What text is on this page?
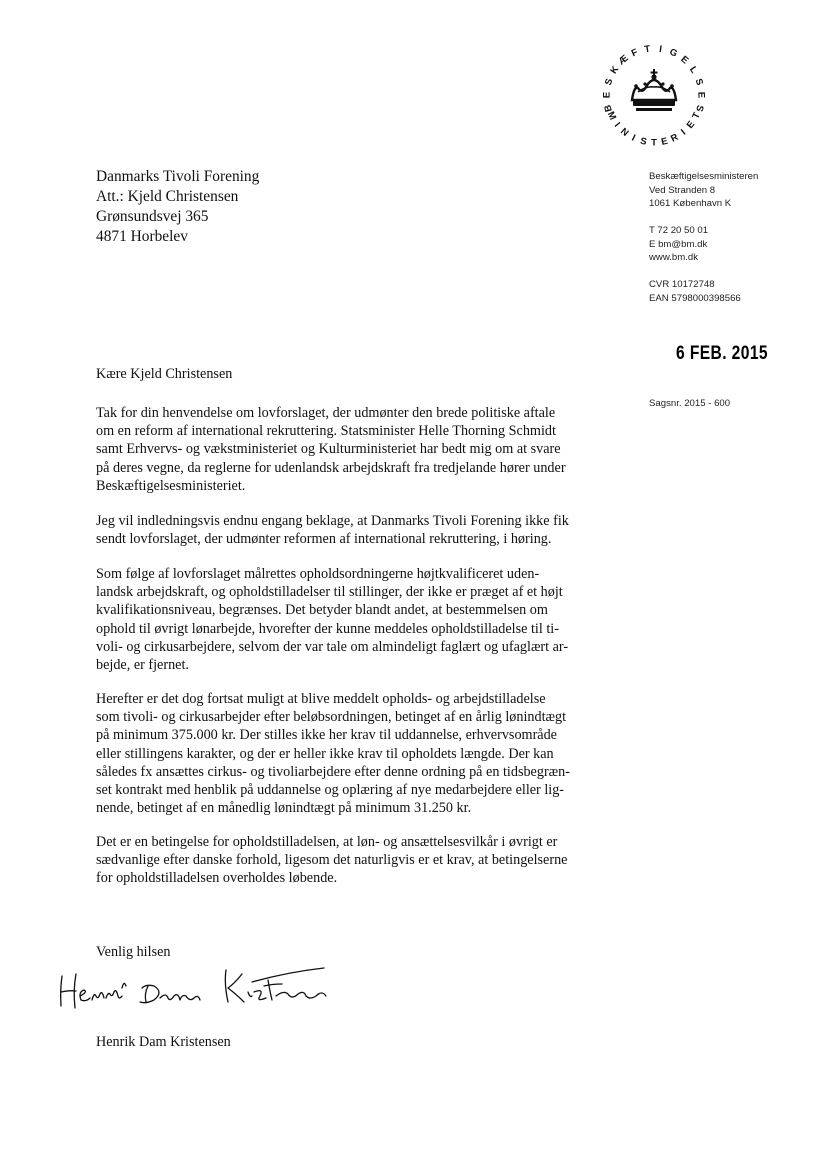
B
E
S
K
Æ F T I G
E
L
S
E
S
M
I
N I S T E R
I
E
T
Danmarks Tivoli Forening
Att.: Kjeld Christensen
Grønsundsvej 365
4871 Horbelev
Beskæftigelsesministeren
Ved Stranden 8
1061 København K
T 72 20 50 01
E bm@bm.dk
www.bm.dk
CVR 10172748
EAN 5798000398566
6 FEB. 2015
Sagsnr. 2015 - 600
Kære Kjeld Christensen
Tak for din henvendelse om lovforslaget, der udmønter den brede politiske aftale
om en reform af international rekruttering. Statsminister Helle Thorning Schmidt
samt Erhvervs- og vækstministeriet og Kulturministeriet har bedt mig om at svare
på deres vegne, da reglerne for udenlandsk arbejdskraft fra tredjelande hører under
Beskæftigelsesministeriet.
Jeg vil indledningsvis endnu engang beklage, at Danmarks Tivoli Forening ikke fik
sendt lovforslaget, der udmønter reformen af international rekruttering, i høring.
Som følge af lovforslaget målrettes opholdsordningerne højtkvalificeret uden-
landsk arbejdskraft, og opholdstilladelser til stillinger, der ikke er præget af et højt
kvalifikationsniveau, begrænses. Det betyder blandt andet, at bestemmelsen om
ophold til øvrigt lønarbejde, hvorefter der kunne meddeles opholdstilladelse til ti-
voli- og cirkusarbejdere, selvom der var tale om almindeligt faglært og ufaglært ar-
bejde, er fjernet.
Herefter er det dog fortsat muligt at blive meddelt opholds- og arbejdstilladelse
som tivoli- og cirkusarbejder efter beløbsordningen, betinget af en årlig lønindtægt
på minimum 375.000 kr. Der stilles ikke her krav til uddannelse, erhvervsområde
eller stillingens karakter, og der er heller ikke krav til opholdets længde. Der kan
således fx ansættes cirkus- og tivoliarbejdere efter denne ordning på en tidsbegræn-
set kontrakt med henblik på uddannelse og oplæring af nye medarbejdere eller lig-
nende, betinget af en månedlig lønindtægt på minimum 31.250 kr.
Det er en betingelse for opholdstilladelsen, at løn- og ansættelsesvilkår i øvrigt er
sædvanlige efter danske forhold, ligesom det naturligvis er et krav, at betingelserne
for opholdstilladelsen overholdes løbende.
Venlig hilsen
Henrik Dam Kristensen
